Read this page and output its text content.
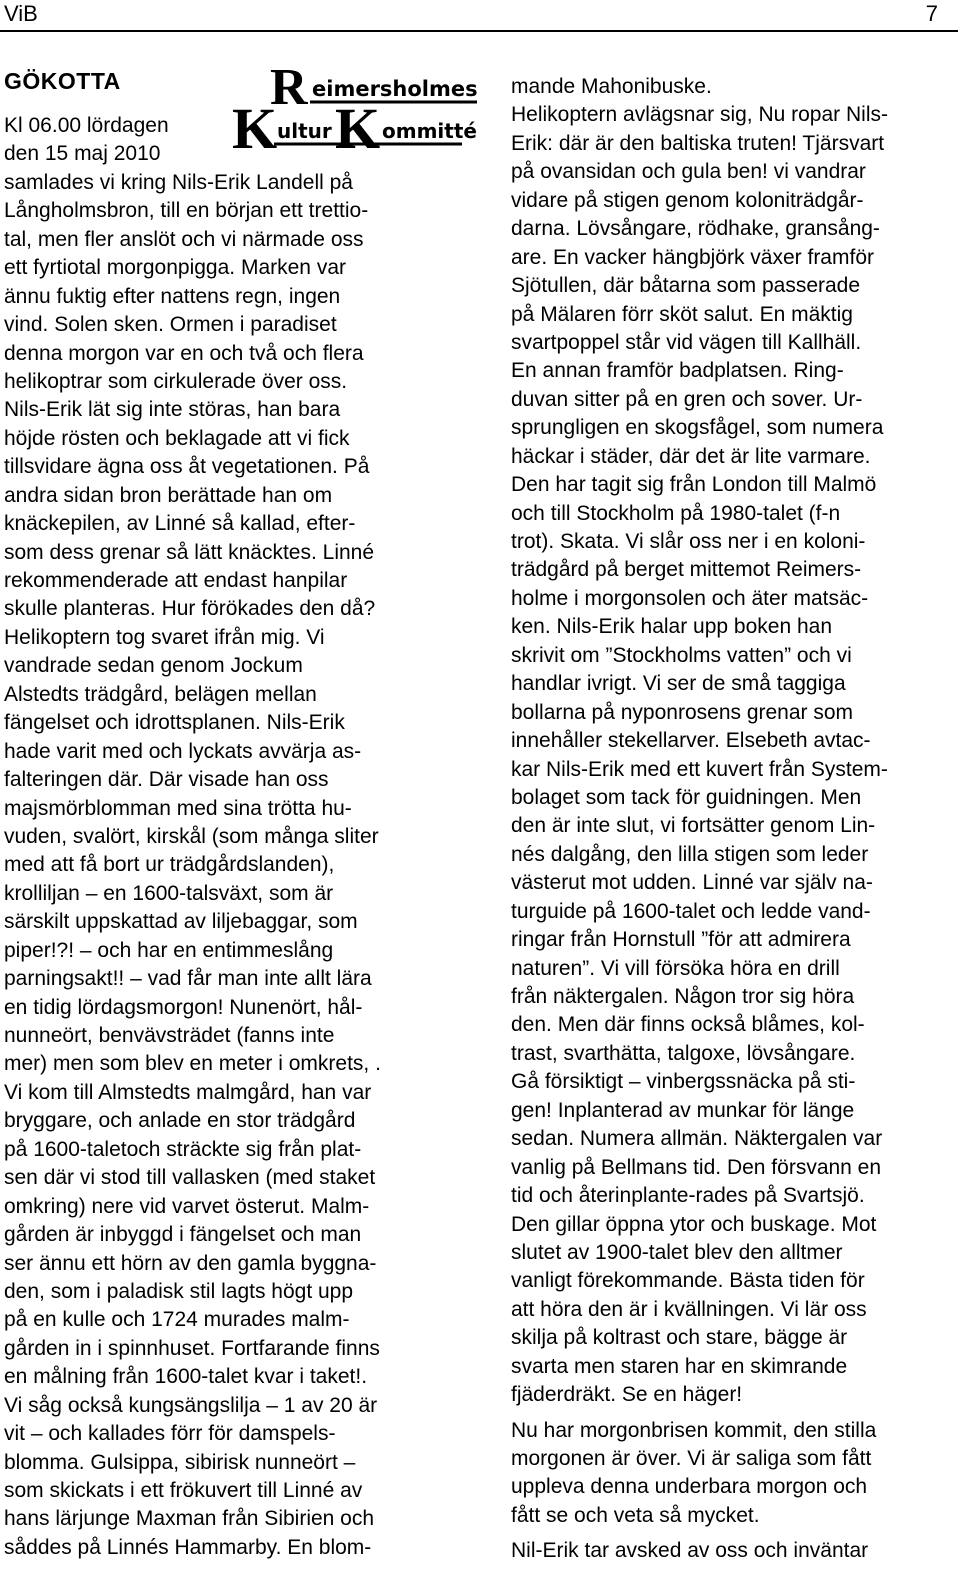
ViB	7
GÖKOTTA	R eimersholmes
K ultur K ommitté
Kl 06.00 lördagen
den 15 maj 2010
samlades vi kring Nils-Erik Landell på
Långholmsbron, till en början ett trettio-
tal, men fler anslöt och vi närmade oss
ett fyrtiotal morgonpigga. Marken var
ännu fuktig efter nattens regn, ingen
vind. Solen sken. Ormen i paradiset
denna morgon var en och två och flera
helikoptrar som cirkulerade över oss.
Nils-Erik lät sig inte störas, han bara
höjde rösten och beklagade att vi fick
tillsvidare ägna oss åt vegetationen. På
andra sidan bron berättade han om
knäckepilen, av Linné så kallad, efter-
som dess grenar så lätt knäcktes. Linné
rekommenderade att endast hanpilar
skulle planteras. Hur förökades den då?
Helikoptern tog svaret ifrån mig. Vi
vandrade sedan genom Jockum
Alstedts trädgård, belägen mellan
fängelset och idrottsplanen. Nils-Erik
hade varit med och lyckats avvärja as-
falteringen där. Där visade han oss
majsmörblomman med sina trötta hu-
vuden, svalört, kirskål (som många sliter
med att få bort ur trädgårdslanden),
krolliljan – en 1600-talsväxt, som är
särskilt uppskattad av liljebaggar, som
piper!?! – och har en entimmeslång
parningsakt!! – vad får man inte allt lära
en tidig lördagsmorgon! Nunenört, hål-
nunneört, benvävsträdet (fanns inte
mer) men som blev en meter i omkrets, .
Vi kom till Almstedts malmgård, han var
bryggare, och anlade en stor trädgård
på 1600-taletoch sträckte sig från plat-
sen där vi stod till vallasken (med staket
omkring) nere vid varvet österut. Malm-
gården är inbyggd i fängelset och man
ser ännu ett hörn av den gamla byggna-
den, som i paladisk stil lagts högt upp
på en kulle och 1724 murades malm-
gården in i spinnhuset. Fortfarande finns
en målning från 1600-talet kvar i taket!.
Vi såg också kungsängslilja – 1 av 20 är
vit – och kallades förr för damspels-
blomma. Gulsippa, sibirisk nunneört –
som skickats i ett frökuvert till Linné av
hans lärjunge Maxman från Sibirien och
såddes på Linnés Hammarby. En blom-
mande Mahonibuske.
Helikoptern avlägsnar sig, Nu ropar Nils-
Erik: där är den baltiska truten! Tjärsvart
på ovansidan och gula ben! vi vandrar
vidare på stigen genom koloniträdgår-
darna. Lövsångare, rödhake, gransång-
are. En vacker hängbjörk växer framför
Sjötullen, där båtarna som passerade
på Mälaren förr sköt salut. En mäktig
svartpoppel står vid vägen till Kallhäll.
En annan framför badplatsen. Ring-
duvan sitter på en gren och sover. Ur-
sprungligen en skogsfågel, som numera
häckar i städer, där det är lite varmare.
Den har tagit sig från London till Malmö
och till Stockholm på 1980-talet (f-n
trot). Skata. Vi slår oss ner i en koloni-
trädgård på berget mittemot Reimers-
holme i morgonsolen och äter matsäc-
ken. Nils-Erik halar upp boken han
skrivit om ”Stockholms vatten” och vi
handlar ivrigt. Vi ser de små taggiga
bollarna på nyponrosens grenar som
innehåller stekellarver. Elsebeth avtac-
kar Nils-Erik med ett kuvert från System-
bolaget som tack för guidningen. Men
den är inte slut, vi fortsätter genom Lin-
nés dalgång, den lilla stigen som leder
västerut mot udden. Linné var själv na-
turguide på 1600-talet och ledde vand-
ringar från Hornstull ”för att admirera
naturen”. Vi vill försöka höra en drill
från näktergalen. Någon tror sig höra
den. Men där finns också blåmes, kol-
trast, svarthätta, talgoxe, lövsångare.
Gå försiktigt – vinbergssnäcka på sti-
gen! Inplanterad av munkar för länge
sedan. Numera allmän. Näktergalen var
vanlig på Bellmans tid. Den försvann en
tid och återinplante-rades på Svartsjö.
Den gillar öppna ytor och buskage. Mot
slutet av 1900-talet blev den alltmer
vanligt förekommande. Bästa tiden för
att höra den är i kvällningen. Vi lär oss
skilja på koltrast och stare, bägge är
svarta men staren har en skimrande
fjäderdräkt. Se en häger!
Nu har morgonbrisen kommit, den stilla
morgonen är över. Vi är saliga som fått
uppleva denna underbara morgon och
fått se och veta så mycket.
Nil-Erik tar avsked av oss och inväntar
